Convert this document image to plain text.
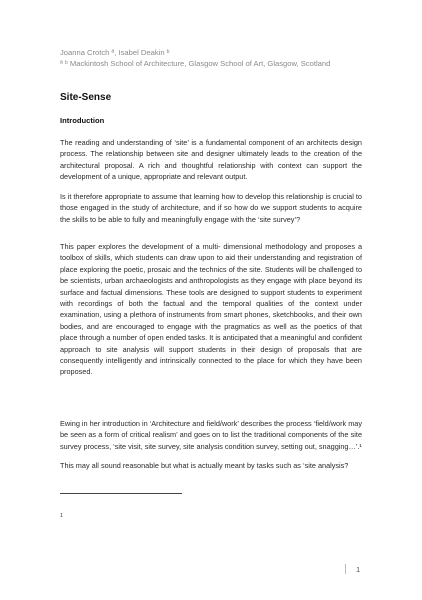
Joanna Crotch ª, Isabel Deakin ᵇ
ª ᵇ Mackintosh School of Architecture, Glasgow School of Art, Glasgow, Scotland
Site-Sense
Introduction

The reading and understanding of ‘site’ is a fundamental component of an architects design process. The relationship between site and designer ultimately leads to the creation of the architectural proposal. A rich and thoughtful relationship with context can support the development of a unique, appropriate and relevant output.

Is it therefore appropriate to assume that learning how to develop this relationship is crucial to those engaged in the study of architecture, and if so how do we support students to acquire the skills to be able to fully and meaningfully engage with the ‘site survey’?

This paper explores the development of a multi- dimensional methodology and proposes a toolbox of skills, which students can draw upon to aid their understanding and registration of place exploring the poetic, prosaic and the technics of the site. Students will be challenged to be scientists, urban archaeologists and anthropologists as they engage with place beyond its surface and factual dimensions. These tools are designed to support students to experiment with recordings of both the factual and the temporal qualities of the context under examination, using a plethora of instruments from smart phones, sketchbooks, and their own bodies, and are encouraged to engage with the pragmatics as well as the poetics of that place through a number of open ended tasks. It is anticipated that a meaningful and confident approach to site analysis will support students in their design of proposals that are consequently intelligently and intrinsically connected to the place for which they have been proposed.

Ewing in her introduction in ‘Architecture and field/work’ describes the process ‘field/work may be seen as a form of critical realism’ and goes on to list the traditional components of the site survey process, ‘site visit, site survey, site analysis condition survey, setting out, snagging…’.¹

This may all sound reasonable but what is actually meant by tasks such as ‘site analysis?

1
1
